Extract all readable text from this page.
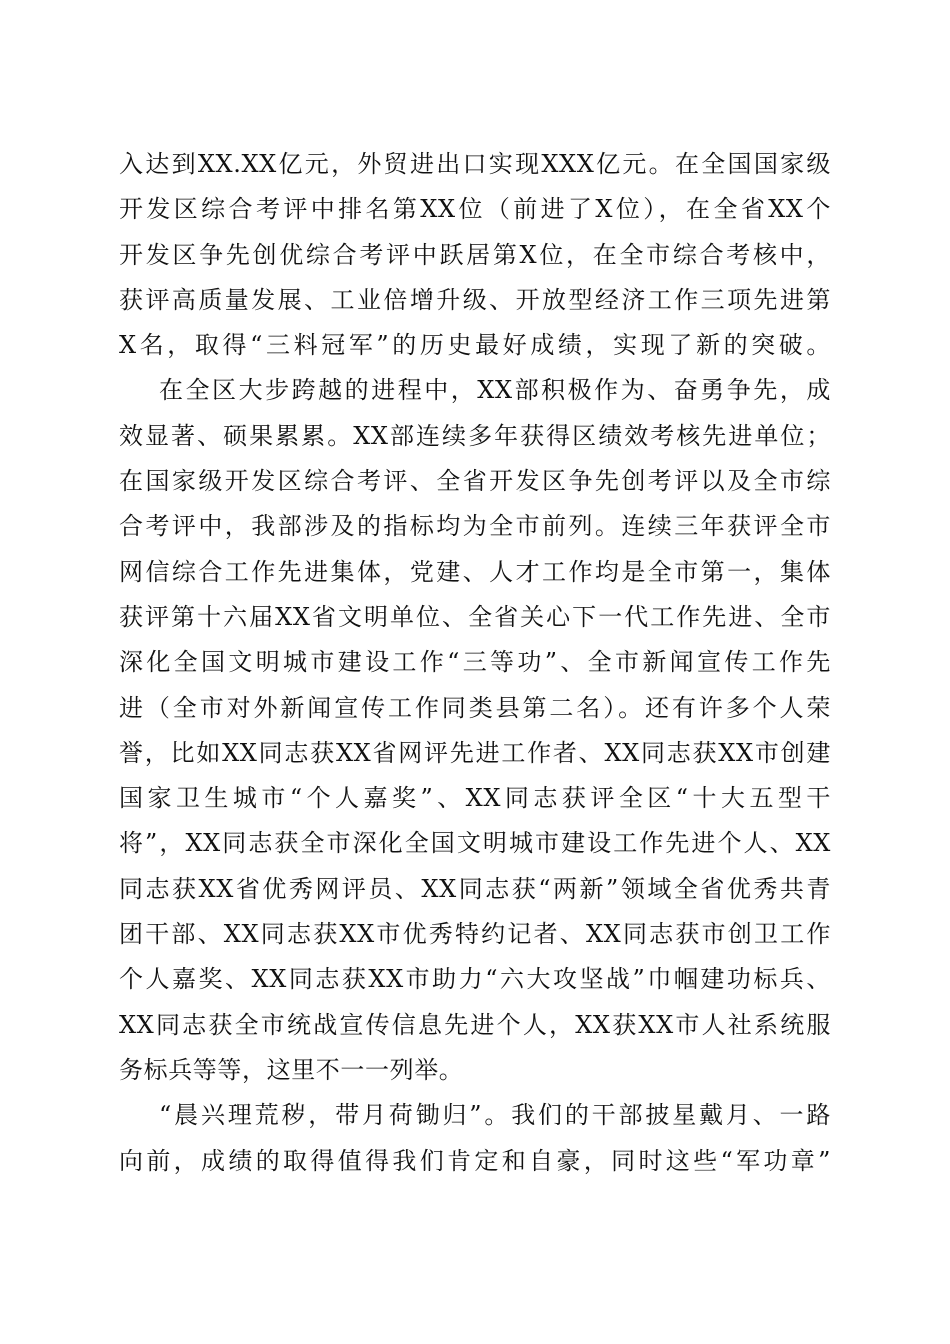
入达到XX.XX亿元，外贸进出口实现XXX亿元。在全国国家级
开发区综合考评中排名第XX位（前进了X位），在全省XX个
开发区争先创优综合考评中跃居第X位，在全市综合考核中，
获评高质量发展、工业倍增升级、开放型经济工作三项先进第
X名，取得“三料冠军”的历史最好成绩，实现了新的突破。
在全区大步跨越的进程中，XX部积极作为、奋勇争先，成
效显著、硕果累累。XX部连续多年获得区绩效考核先进单位；
在国家级开发区综合考评、全省开发区争先创考评以及全市综
合考评中，我部涉及的指标均为全市前列。连续三年获评全市
网信综合工作先进集体，党建、人才工作均是全市第一，集体
获评第十六届XX省文明单位、全省关心下一代工作先进、全市
深化全国文明城市建设工作“三等功”、全市新闻宣传工作先
进（全市对外新闻宣传工作同类县第二名）。还有许多个人荣
誉，比如XX同志获XX省网评先进工作者、XX同志获XX市创建
国家卫生城市“个人嘉奖”、XX同志获评全区“十大五型干
将”，XX同志获全市深化全国文明城市建设工作先进个人、XX
同志获XX省优秀网评员、XX同志获“两新”领域全省优秀共青
团干部、XX同志获XX市优秀特约记者、XX同志获市创卫工作
个人嘉奖、XX同志获XX市助力“六大攻坚战”巾帼建功标兵、
XX同志获全市统战宣传信息先进个人，XX获XX市人社系统服
务标兵等等，这里不一一列举。
“晨兴理荒秽，带月荷锄归”。我们的干部披星戴月、一路
向前，成绩的取得值得我们肯定和自豪，同时这些“军功章”
